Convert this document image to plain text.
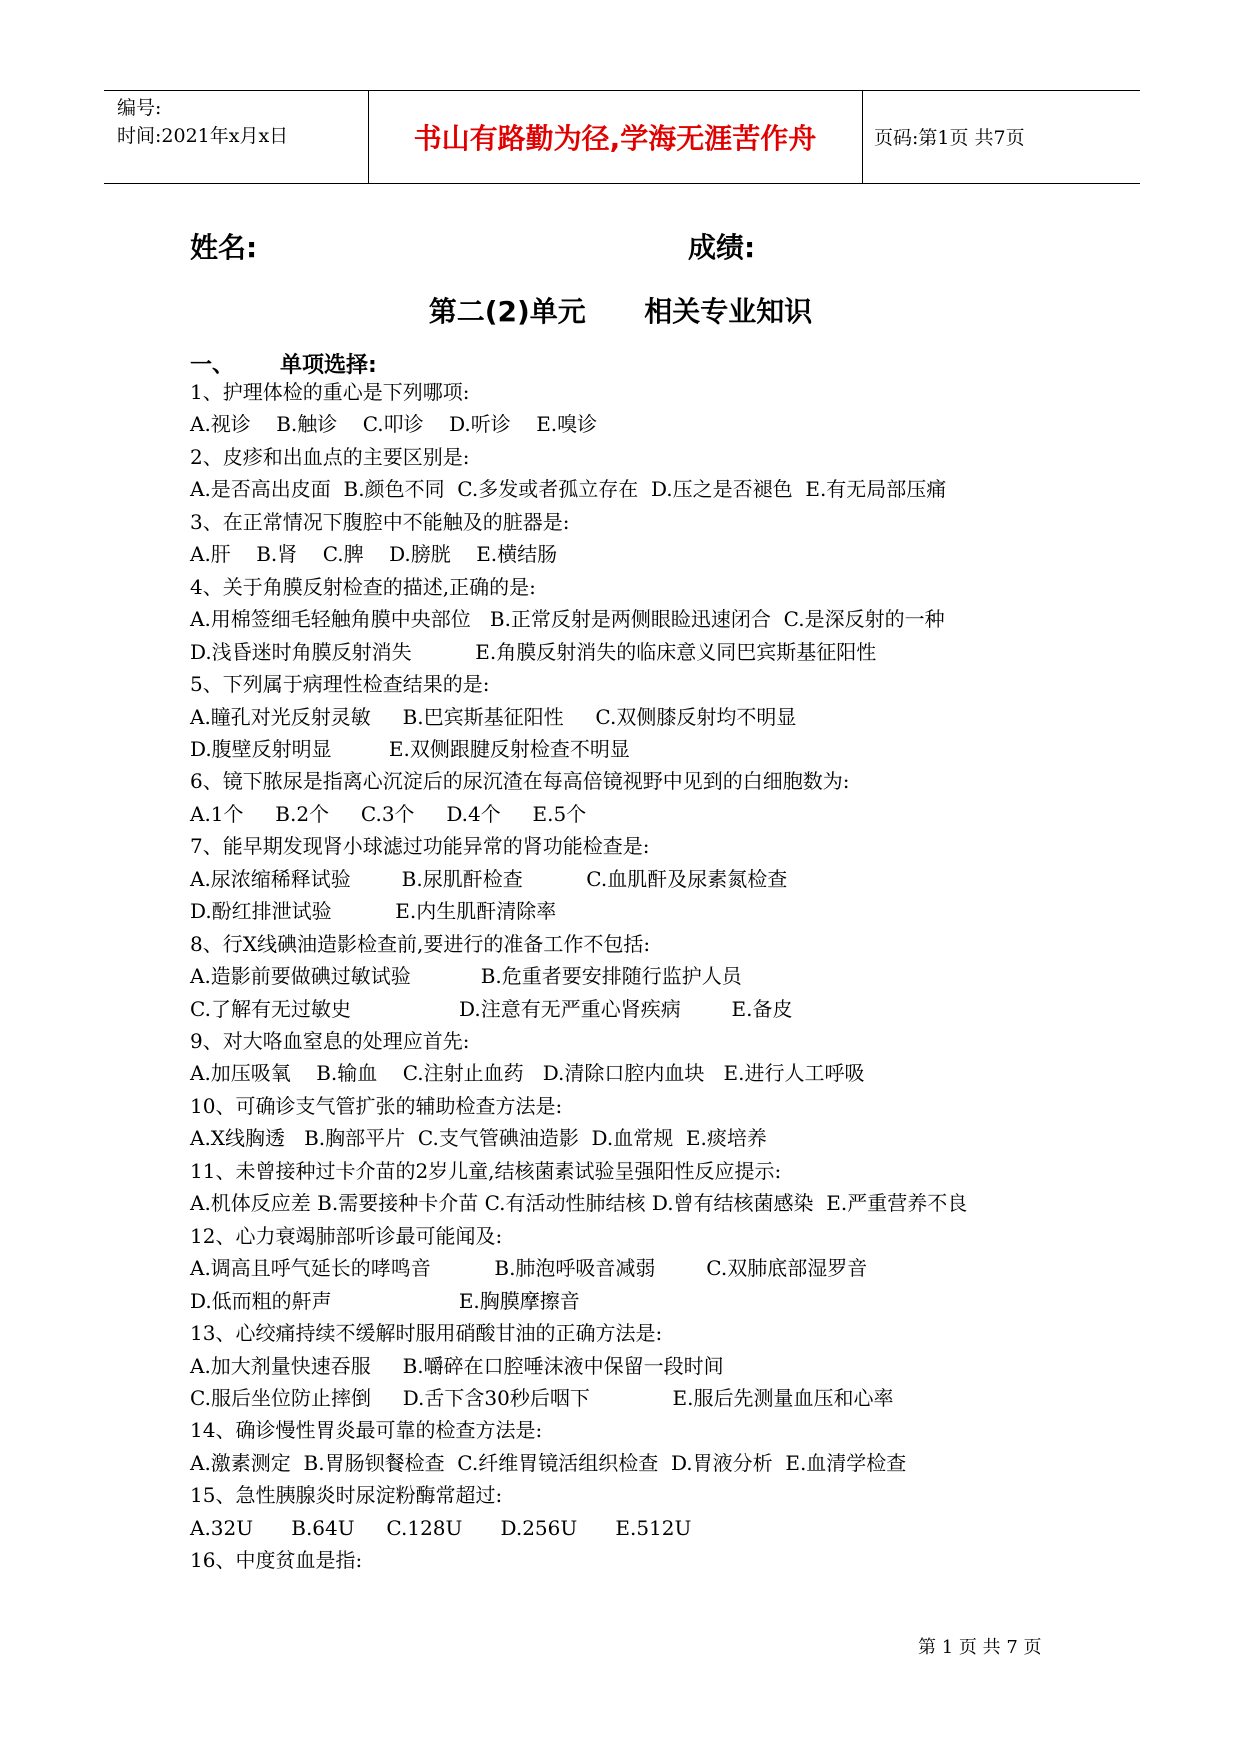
编号:
时间:2021年x月x日	书山有路勤为径,学海无涯苦作舟	页码:第1页 共7页
姓名:	成绩:
第二(2)单元      相关专业知识
一、      单项选择:
1、护理体检的重心是下列哪项:
A.视诊    B.触诊    C.叩诊    D.听诊    E.嗅诊
2、皮疹和出血点的主要区别是:
A.是否高出皮面  B.颜色不同  C.多发或者孤立存在  D.压之是否褪色  E.有无局部压痛
3、在正常情况下腹腔中不能触及的脏器是:
A.肝    B.肾    C.脾    D.膀胱    E.横结肠
4、关于角膜反射检查的描述,正确的是:
A.用棉签细毛轻触角膜中央部位   B.正常反射是两侧眼睑迅速闭合  C.是深反射的一种
D.浅昏迷时角膜反射消失          E.角膜反射消失的临床意义同巴宾斯基征阳性
5、下列属于病理性检查结果的是:
A.瞳孔对光反射灵敏     B.巴宾斯基征阳性     C.双侧膝反射均不明显
D.腹壁反射明显         E.双侧跟腱反射检查不明显
6、镜下脓尿是指离心沉淀后的尿沉渣在每高倍镜视野中见到的白细胞数为:
A.1个     B.2个     C.3个     D.4个     E.5个
7、能早期发现肾小球滤过功能异常的肾功能检查是:
A.尿浓缩稀释试验        B.尿肌酐检查          C.血肌酐及尿素氮检查
D.酚红排泄试验          E.内生肌酐清除率
8、行X线碘油造影检查前,要进行的准备工作不包括:
A.造影前要做碘过敏试验           B.危重者要安排随行监护人员
C.了解有无过敏史                 D.注意有无严重心肾疾病        E.备皮
9、对大咯血窒息的处理应首先:
A.加压吸氧    B.输血    C.注射止血药   D.清除口腔内血块   E.进行人工呼吸
10、可确诊支气管扩张的辅助检查方法是:
A.X线胸透   B.胸部平片  C.支气管碘油造影  D.血常规  E.痰培养
11、未曾接种过卡介苗的2岁儿童,结核菌素试验呈强阳性反应提示:
A.机体反应差 B.需要接种卡介苗 C.有活动性肺结核 D.曾有结核菌感染  E.严重营养不良
12、心力衰竭肺部听诊最可能闻及:
A.调高且呼气延长的哮鸣音          B.肺泡呼吸音减弱        C.双肺底部湿罗音
D.低而粗的鼾声                    E.胸膜摩擦音
13、心绞痛持续不缓解时服用硝酸甘油的正确方法是:
A.加大剂量快速吞服     B.嚼碎在口腔唾沫液中保留一段时间
C.服后坐位防止摔倒     D.舌下含30秒后咽下             E.服后先测量血压和心率
14、确诊慢性胃炎最可靠的检查方法是:
A.激素测定  B.胃肠钡餐检查  C.纤维胃镜活组织检查  D.胃液分析  E.血清学检查
15、急性胰腺炎时尿淀粉酶常超过:
A.32U      B.64U     C.128U      D.256U      E.512U
16、中度贫血是指:
第 1 页 共 7 页
